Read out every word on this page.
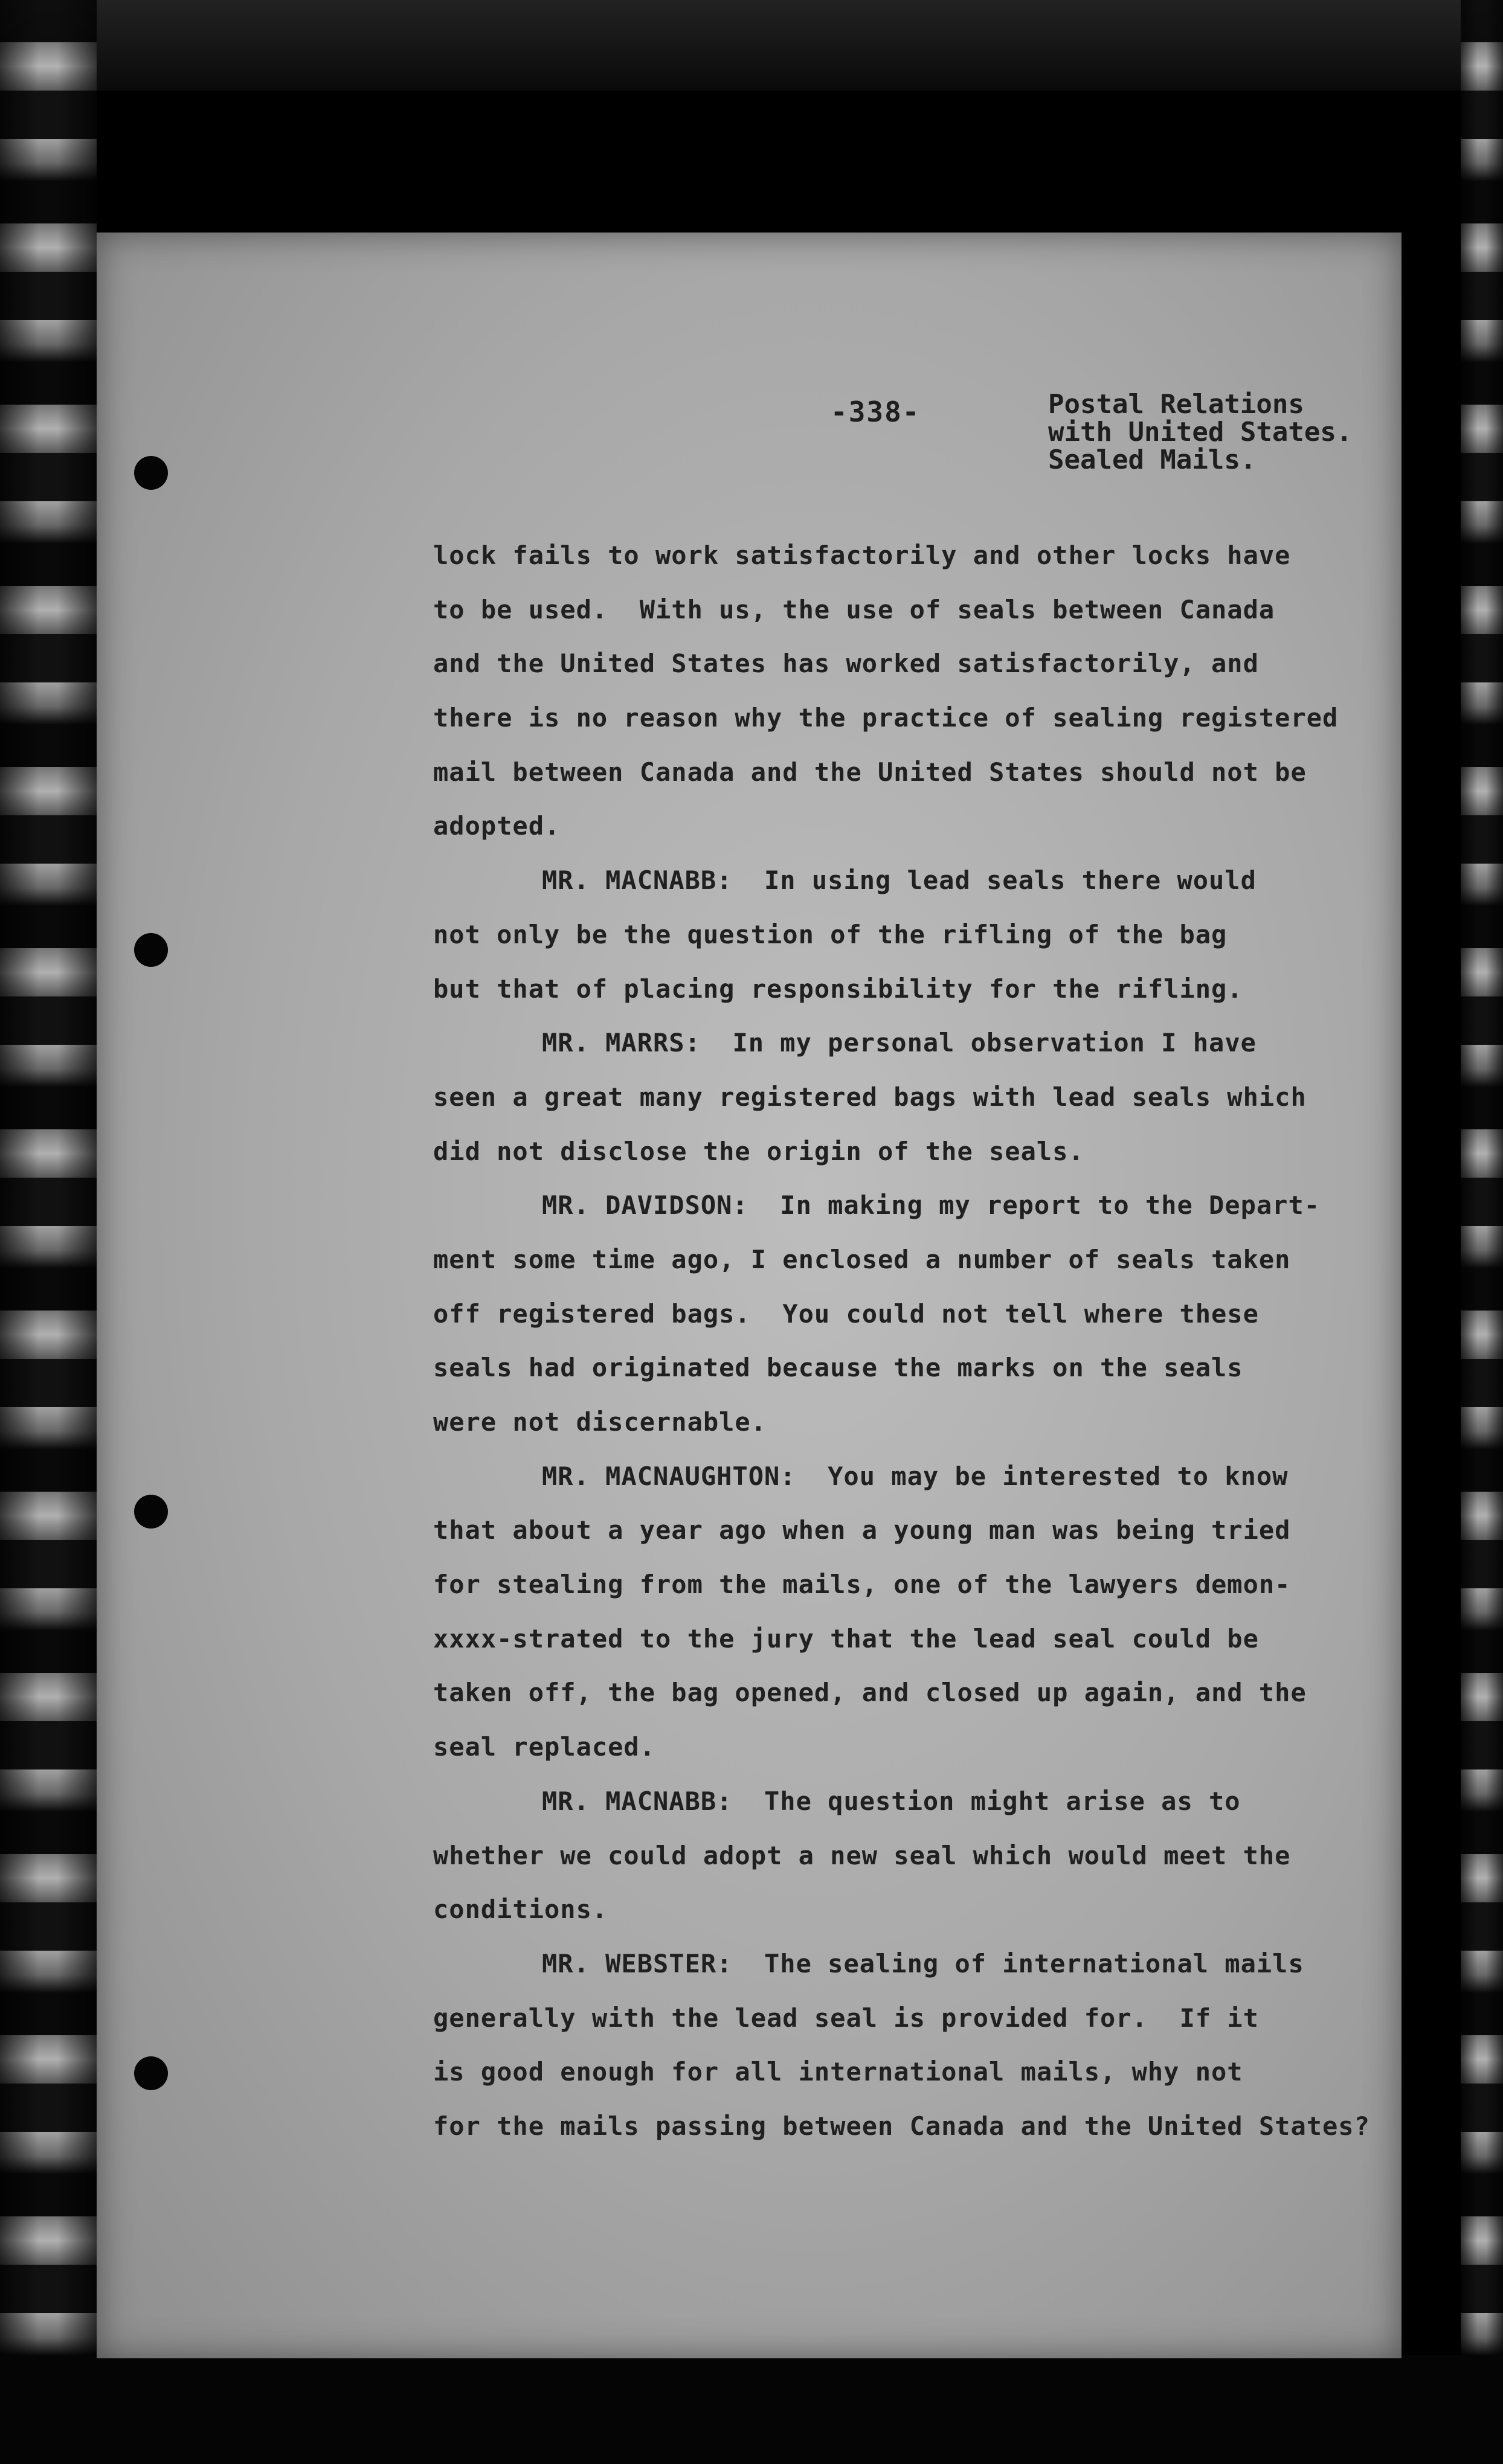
-338-	Postal Relations
with United States.
Sealed Mails.
lock fails to work satisfactorily and other locks have
to be used.  With us, the use of seals between Canada
and the United States has worked satisfactorily, and
there is no reason why the practice of sealing registered
mail between Canada and the United States should not be
adopted.
MR. MACNABB:  In using lead seals there would
not only be the question of the rifling of the bag
but that of placing responsibility for the rifling.
MR. MARRS:  In my personal observation I have
seen a great many registered bags with lead seals which
did not disclose the origin of the seals.
MR. DAVIDSON:  In making my report to the Depart-
ment some time ago, I enclosed a number of seals taken
off registered bags.  You could not tell where these
seals had originated because the marks on the seals
were not discernable.
MR. MACNAUGHTON:  You may be interested to know
that about a year ago when a young man was being tried
for stealing from the mails, one of the lawyers demon-
xxxx-strated to the jury that the lead seal could be
taken off, the bag opened, and closed up again, and the
seal replaced.
MR. MACNABB:  The question might arise as to
whether we could adopt a new seal which would meet the
conditions.
MR. WEBSTER:  The sealing of international mails
generally with the lead seal is provided for.  If it
is good enough for all international mails, why not
for the mails passing between Canada and the United States?
